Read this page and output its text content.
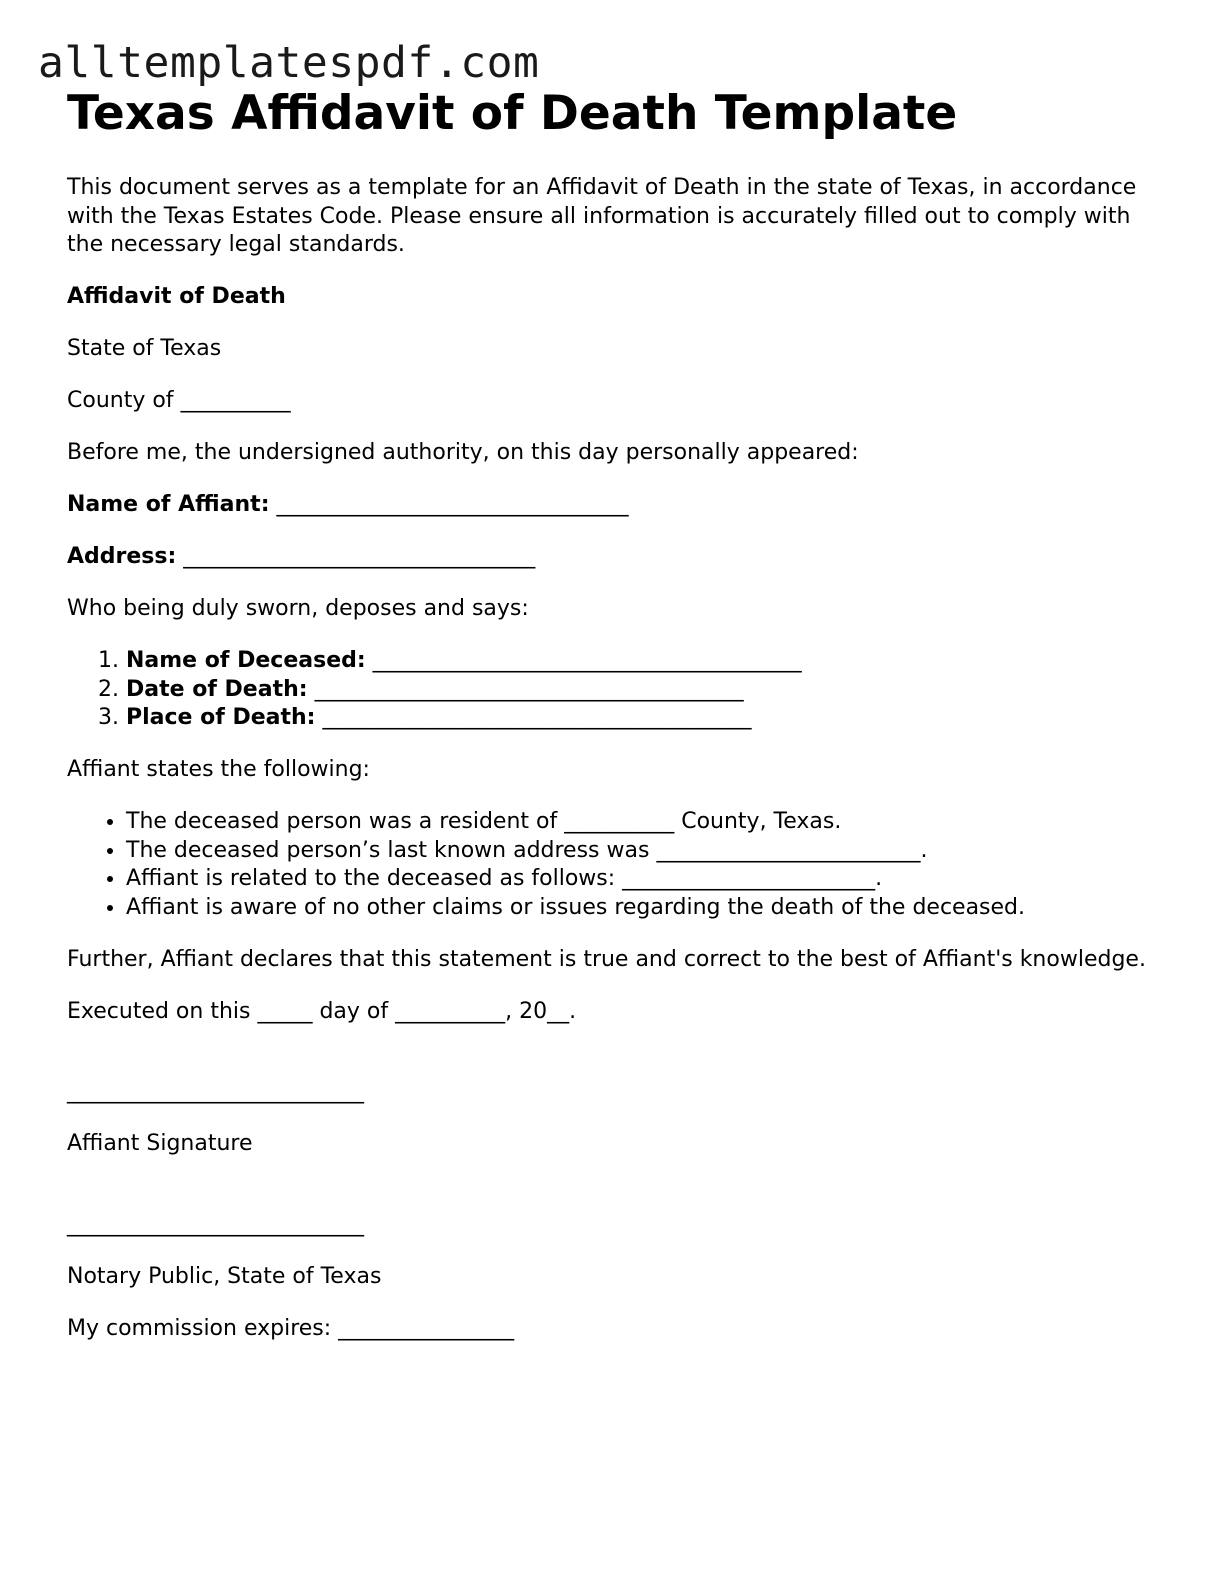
alltemplatespdf.com
Texas Affidavit of Death Template

This document serves as a template for an Affidavit of Death in the state of Texas, in accordance with the Texas Estates Code. Please ensure all information is accurately filled out to comply with the necessary legal standards.

Affidavit of Death

State of Texas

County of __________

Before me, the undersigned authority, on this day personally appeared:

Name of Affiant: ________________________________

Address: ________________________________

Who being duly sworn, deposes and says:

1. Name of Deceased: _______________________________________
2. Date of Death: _______________________________________
3. Place of Death: _______________________________________

Affiant states the following:

• The deceased person was a resident of __________ County, Texas.
• The deceased person’s last known address was ________________________.
• Affiant is related to the deceased as follows: _______________________.
• Affiant is aware of no other claims or issues regarding the death of the deceased.

Further, Affiant declares that this statement is true and correct to the best of Affiant's knowledge.

Executed on this _____ day of __________, 20__.

___________________________

Affiant Signature

___________________________

Notary Public, State of Texas

My commission expires: ________________
